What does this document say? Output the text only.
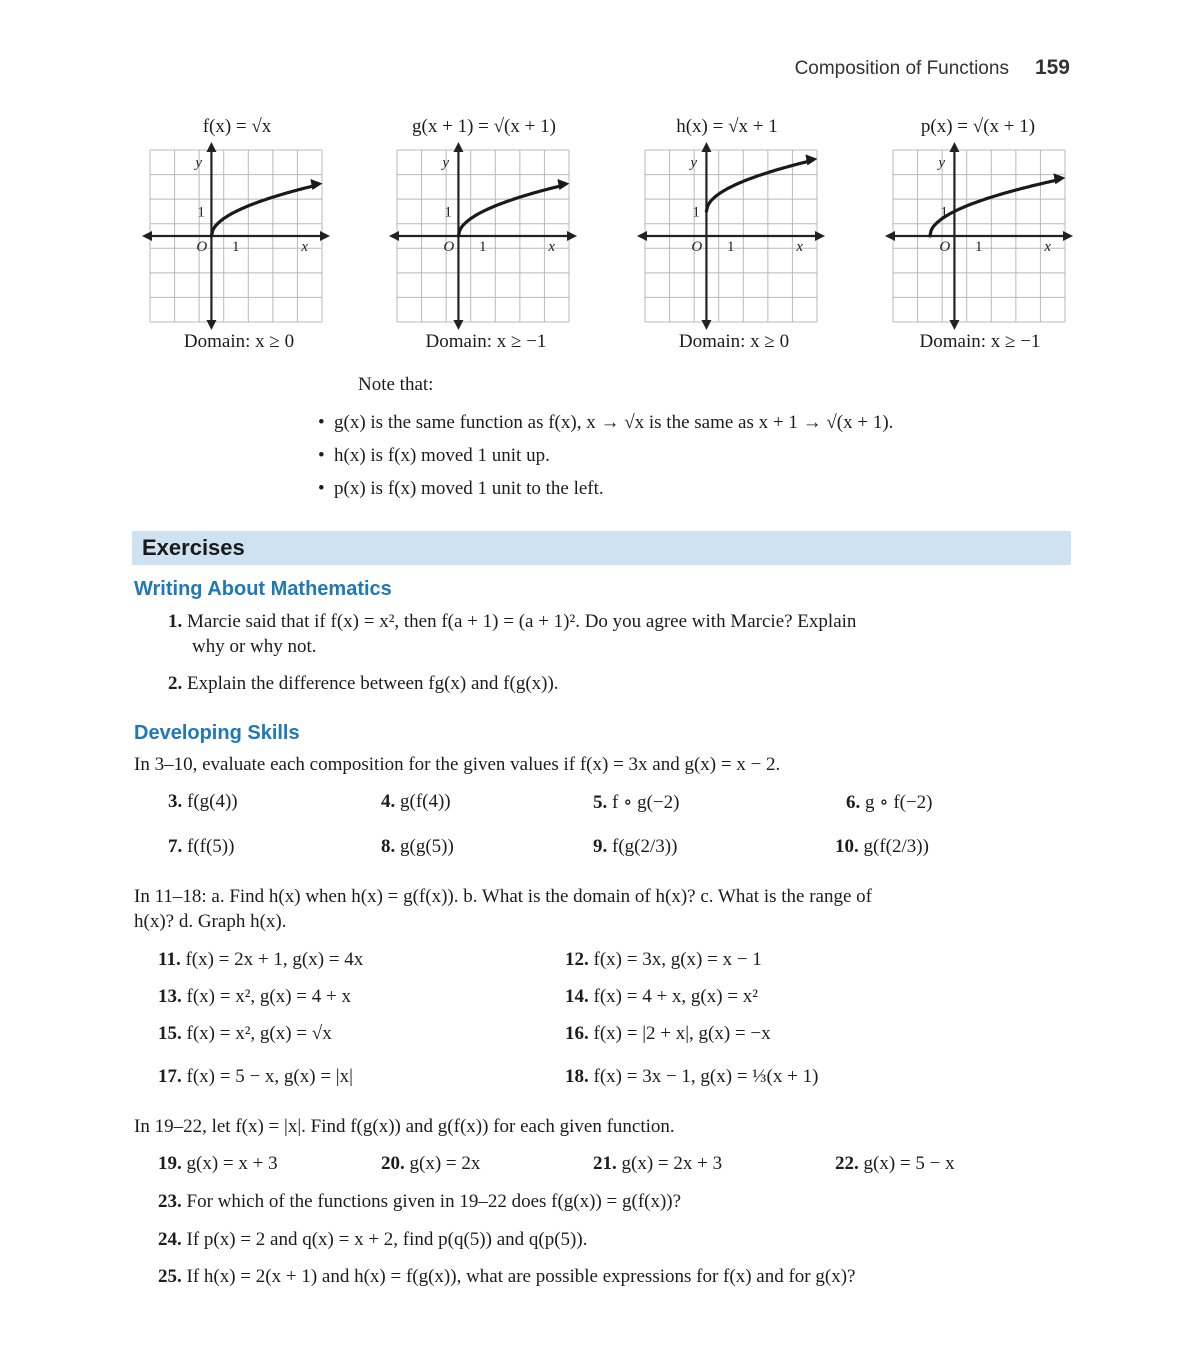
Composition of Functions 159
f(x) = √x	g(x + 1) = √(x + 1)	h(x) = √x + 1	p(x) = √(x + 1)
y
x
O 1
1
y
x
O 1
1
y
x
O 1
1
y
x
O 1
1
Domain: x ≥ 0	Domain: x ≥ −1	Domain: x ≥ 0	Domain: x ≥ −1
Note that:
• g(x) is the same function as f(x), x → √x is the same as x + 1 → √(x + 1).
• h(x) is f(x) moved 1 unit up.
• p(x) is f(x) moved 1 unit to the left.
Exercises
Writing About Mathematics
1. Marcie said that if f(x) = x², then f(a + 1) = (a + 1)². Do you agree with Marcie? Explain
why or why not.
2. Explain the difference between fg(x) and f(g(x)).
Developing Skills
In 3–10, evaluate each composition for the given values if f(x) = 3x and g(x) = x − 2.
3. f(g(4))	4. g(f(4))	5. f ∘ g(−2)	6. g ∘ f(−2)
7. f(f(5))	8. g(g(5))	9. f(g(2/3))	10. g(f(2/3))
In 11–18: a. Find h(x) when h(x) = g(f(x)). b. What is the domain of h(x)? c. What is the range of
h(x)? d. Graph h(x).
11. f(x) = 2x + 1, g(x) = 4x	12. f(x) = 3x, g(x) = x − 1
13. f(x) = x², g(x) = 4 + x	14. f(x) = 4 + x, g(x) = x²
15. f(x) = x², g(x) = √x	16. f(x) = |2 + x|, g(x) = −x
17. f(x) = 5 − x, g(x) = |x|	18. f(x) = 3x − 1, g(x) = ⅓(x + 1)
In 19–22, let f(x) = |x|. Find f(g(x)) and g(f(x)) for each given function.
19. g(x) = x + 3	20. g(x) = 2x	21. g(x) = 2x + 3	22. g(x) = 5 − x
23. For which of the functions given in 19–22 does f(g(x)) = g(f(x))?
24. If p(x) = 2 and q(x) = x + 2, find p(q(5)) and q(p(5)).
25. If h(x) = 2(x + 1) and h(x) = f(g(x)), what are possible expressions for f(x) and for g(x)?
